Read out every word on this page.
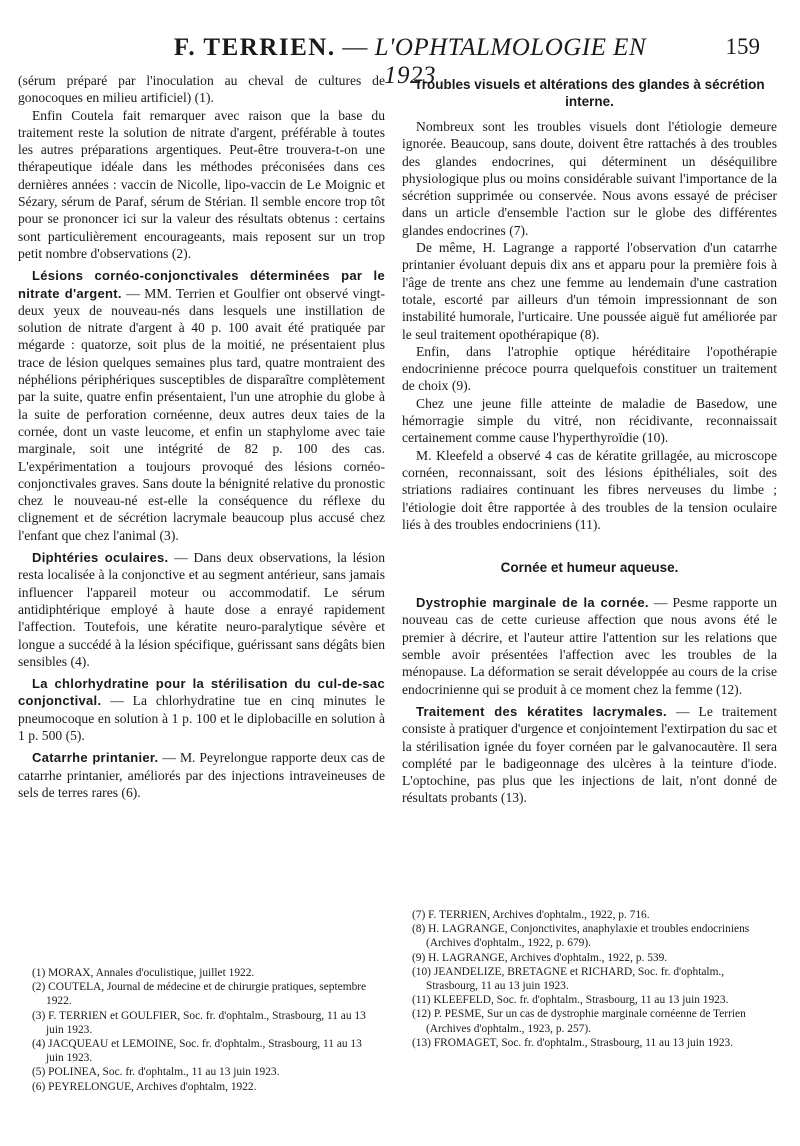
F. TERRIEN. — L'OPHTALMOLOGIE EN 1923
159

(sérum préparé par l'inoculation au cheval de cultures de gonocoques en milieu artificiel) (1).

Enfin Coutela fait remarquer avec raison que la base du traitement reste la solution de nitrate d'argent, préférable à toutes les autres préparations argentiques. Peut-être trouvera-t-on une thérapeutique idéale dans les méthodes préconisées dans ces dernières années : vaccin de Nicolle, lipo-vaccin de Le Moignic et Sézary, sérum de Paraf, sérum de Stérian. Il semble encore trop tôt pour se prononcer ici sur la valeur des résultats obtenus : certains sont particulièrement encourageants, mais reposent sur un trop petit nombre d'observations (2).

Lésions cornéo-conjonctivales déterminées par le nitrate d'argent. — MM. Terrien et Goulfier ont observé vingt-deux yeux de nouveau-nés dans lesquels une instillation de solution de nitrate d'argent à 40 p. 100 avait été pratiquée par mégarde : quatorze, soit plus de la moitié, ne présentaient plus trace de lésion quelques semaines plus tard, quatre montraient des néphélions périphériques susceptibles de disparaître complètement par la suite, quatre enfin présentaient, l'un une atrophie du globe à la suite de perforation cornéenne, deux autres deux taies de la cornée, dont un vaste leucome, et enfin un staphylome avec taie marginale, soit une intégrité de 82 p. 100 des cas. L'expérimentation a toujours provoqué des lésions cornéo-conjonctivales graves. Sans doute la bénignité relative du pronostic chez le nouveau-né est-elle la conséquence du réflexe du clignement et de sécrétion lacrymale beaucoup plus accusé chez l'enfant que chez l'animal (3).

Diphtéries oculaires. — Dans deux observations, la lésion resta localisée à la conjonctive et au segment antérieur, sans jamais influencer l'appareil moteur ou accommodatif. Le sérum antidiphtérique employé à haute dose a enrayé rapidement l'affection. Toutefois, une kératite neuro-paralytique sévère et longue a succédé à la lésion spécifique, guérissant sans dégâts bien sensibles (4).

La chlorhydratine pour la stérilisation du cul-de-sac conjonctival. — La chlorhydratine tue en cinq minutes le pneumocoque en solution à 1 p. 100 et le diplobacille en solution à 1 p. 500 (5).

Catarrhe printanier. — M. Peyrelongue rapporte deux cas de catarrhe printanier, améliorés par des injections intraveineuses de sels de terres rares (6).

Troubles visuels et altérations des glandes à sécrétion interne.

Nombreux sont les troubles visuels dont l'étiologie demeure ignorée. Beaucoup, sans doute, doivent être rattachés à des troubles des glandes endocrines, qui déterminent un déséquilibre physiologique plus ou moins considérable suivant l'importance de la sécrétion supprimée ou conservée. Nous avons essayé de préciser dans un article d'ensemble l'action sur le globe des différentes glandes endocrines (7).

De même, H. Lagrange a rapporté l'observation d'un catarrhe printanier évoluant depuis dix ans et apparu pour la première fois à l'âge de trente ans chez une femme au lendemain d'une castration totale, escorté par ailleurs d'un témoin impressionnant de son instabilité humorale, l'urticaire. Une poussée aiguë fut améliorée par le seul traitement opothérapique (8).

Enfin, dans l'atrophie optique héréditaire l'opothérapie endocrinienne précoce pourra quelquefois constituer un traitement de choix (9).

Chez une jeune fille atteinte de maladie de Basedow, une hémorragie simple du vitré, non récidivante, reconnaissait certainement comme cause l'hyperthyroïdie (10).

M. Kleefeld a observé 4 cas de kératite grillagée, au microscope cornéen, reconnaissant, soit des lésions épithéliales, soit des striations radiaires continuant les fibres nerveuses du limbe ; l'étiologie doit être rapportée à des troubles de la tension oculaire liés à des troubles endocriniens (11).

Cornée et humeur aqueuse.

Dystrophie marginale de la cornée. — Pesme rapporte un nouveau cas de cette curieuse affection que nous avons été le premier à décrire, et l'auteur attire l'attention sur les relations que semble avoir présentées l'affection avec les troubles de la ménopause. La déformation se serait développée au cours de la crise endocrinienne qui se produit à ce moment chez la femme (12).

Traitement des kératites lacrymales. — Le traitement consiste à pratiquer d'urgence et conjointement l'extirpation du sac et la stérilisation ignée du foyer cornéen par le galvanocautère. Il sera complété par le badigeonnage des ulcères à la teinture d'iode. L'optochine, pas plus que les injections de lait, n'ont donné de résultats probants (13).

(1) MORAX, Annales d'oculistique, juillet 1922.

(2) COUTELA, Journal de médecine et de chirurgie pratiques, septembre 1922.

(3) F. TERRIEN et GOULFIER, Soc. fr. d'ophtalm., Strasbourg, 11 au 13 juin 1923.

(4) JACQUEAU et LEMOINE, Soc. fr. d'ophtalm., Strasbourg, 11 au 13 juin 1923.

(5) POLINEA, Soc. fr. d'ophtalm., 11 au 13 juin 1923.

(6) PEYRELONGUE, Archives d'ophtalm, 1922.

(7) F. TERRIEN, Archives d'ophtalm., 1922, p. 716.

(8) H. LAGRANGE, Conjonctivites, anaphylaxie et troubles endocriniens (Archives d'ophtalm., 1922, p. 679).

(9) H. LAGRANGE, Archives d'ophtalm., 1922, p. 539.

(10) JEANDELIZE, BRETAGNE et RICHARD, Soc. fr. d'ophtalm., Strasbourg, 11 au 13 juin 1923.

(11) KLEEFELD, Soc. fr. d'ophtalm., Strasbourg, 11 au 13 juin 1923.

(12) P. PESME, Sur un cas de dystrophie marginale cornéenne de Terrien (Archives d'ophtalm., 1923, p. 257).

(13) FROMAGET, Soc. fr. d'ophtalm., Strasbourg, 11 au 13 juin 1923.
